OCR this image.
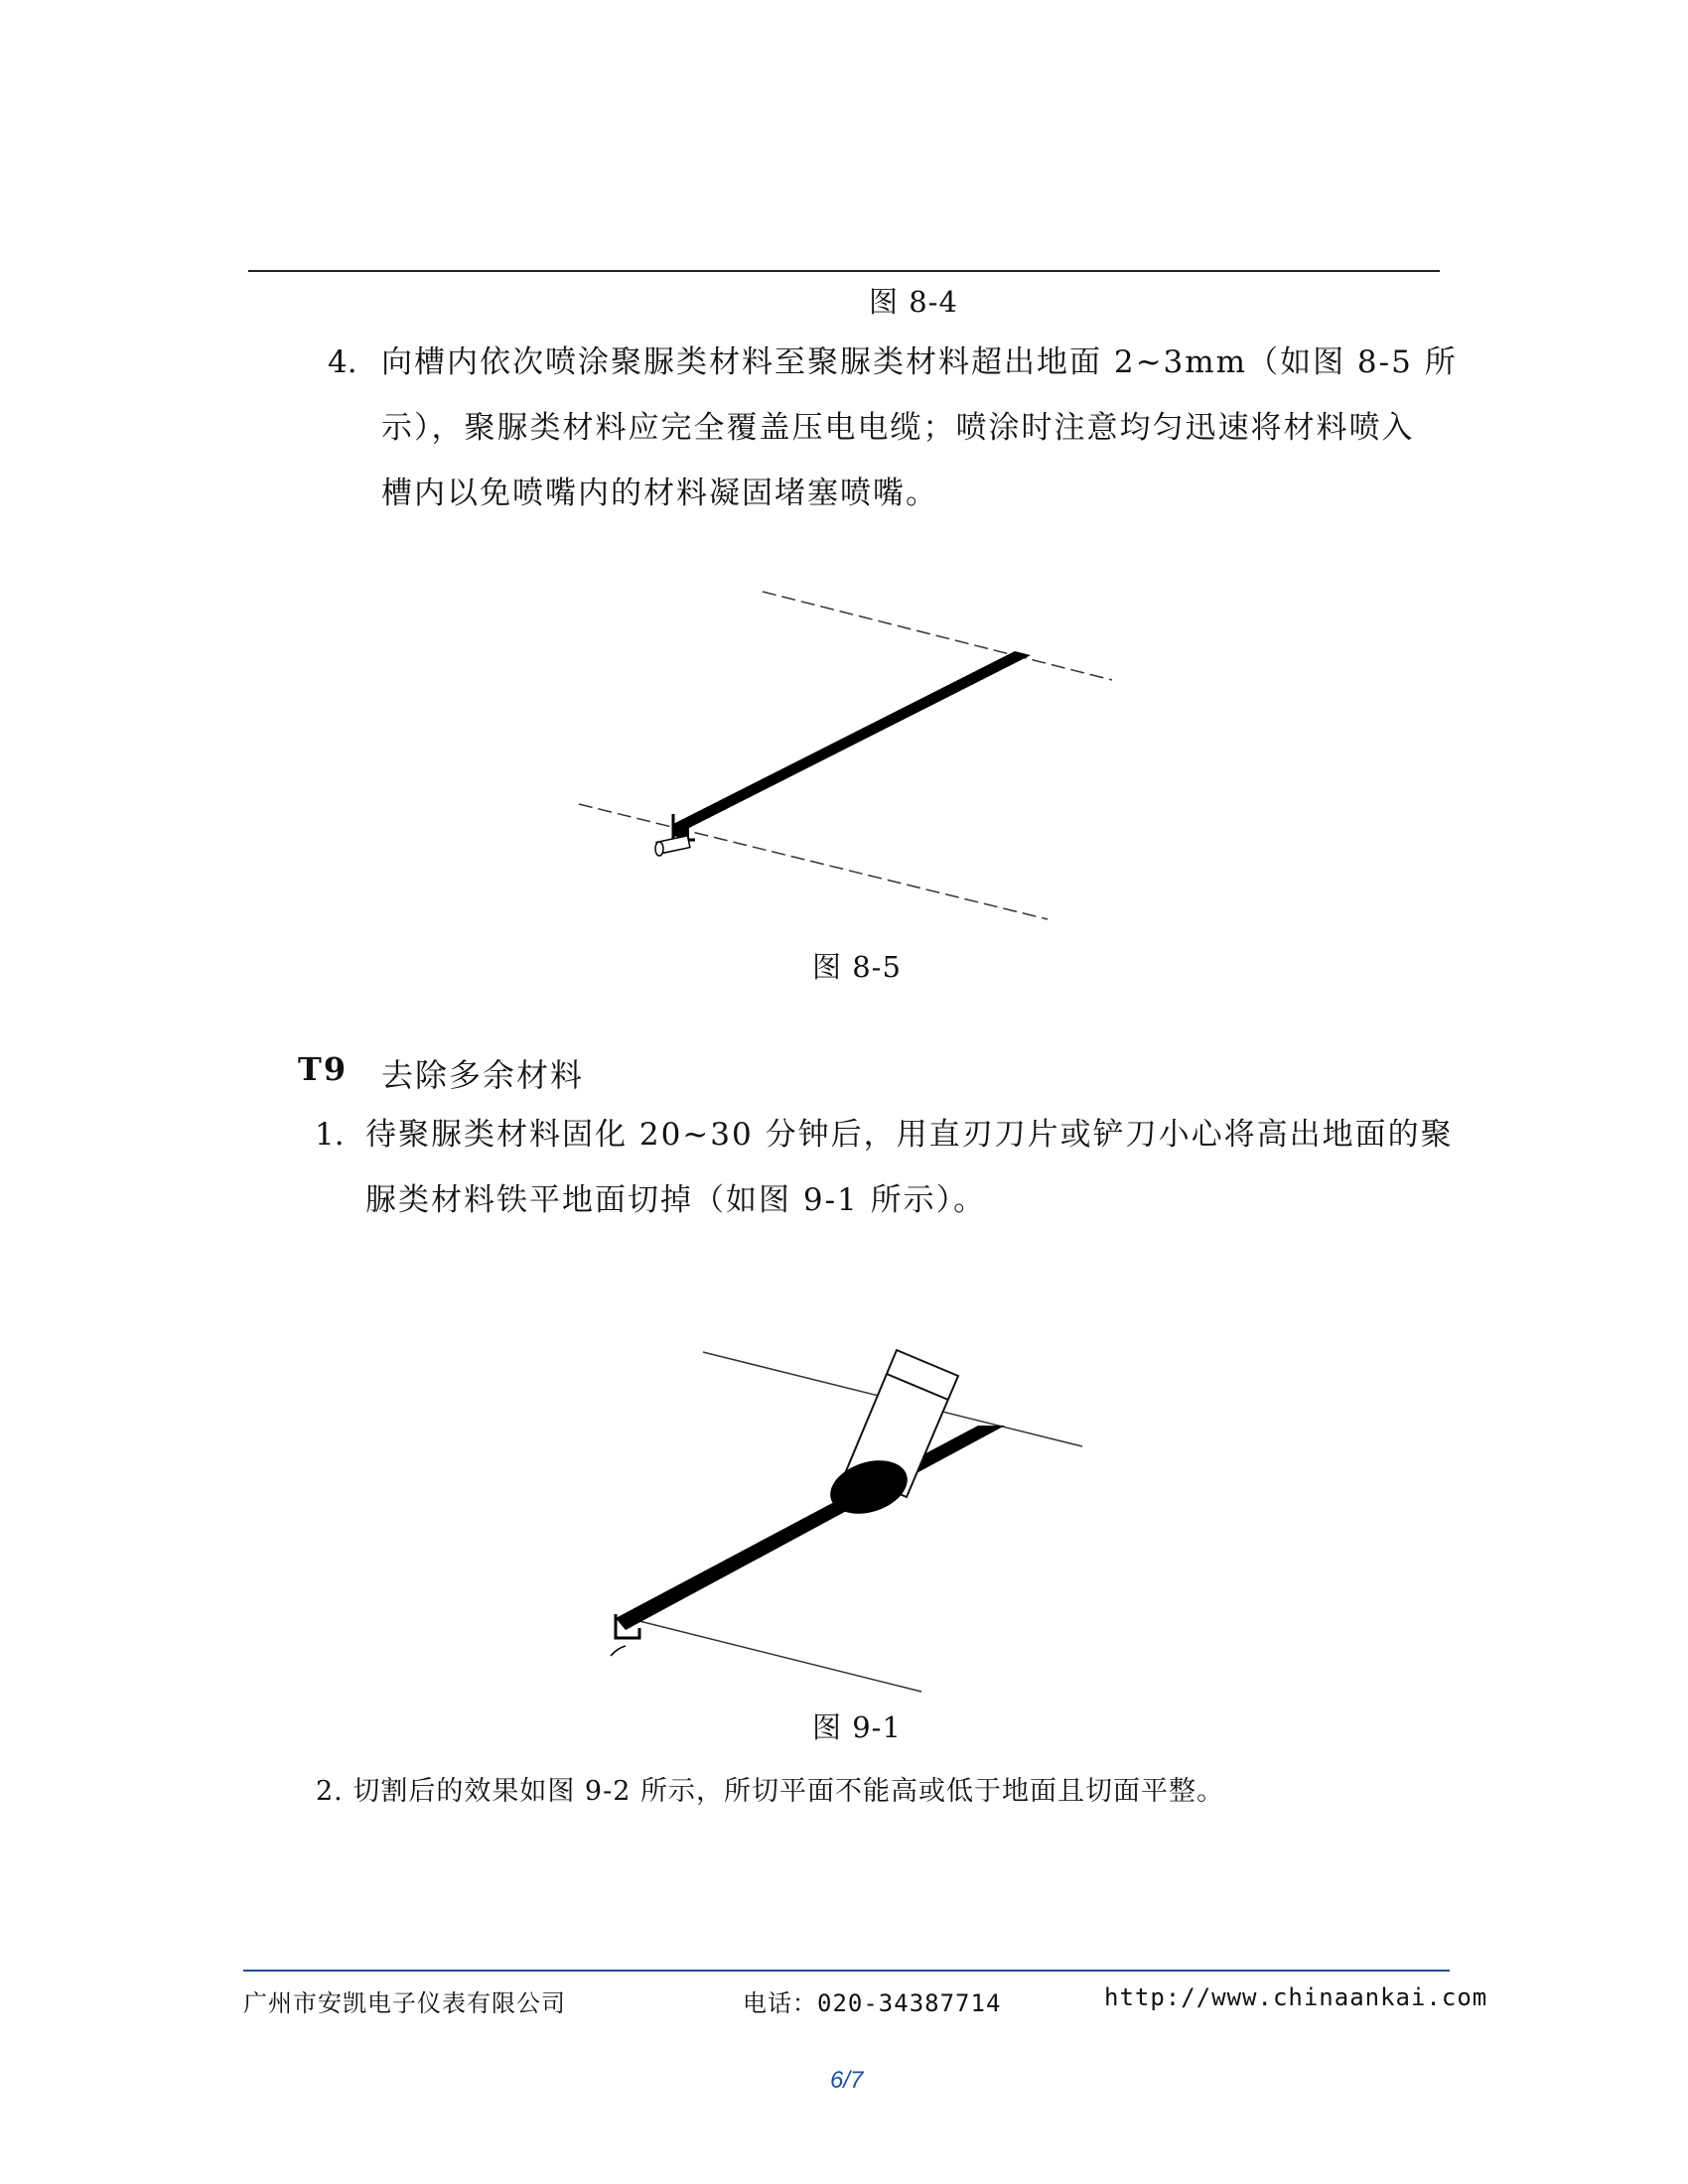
图 8-4
4. 向槽内依次喷涂聚脲类材料至聚脲类材料超出地面 2~3mm（如图 8-5 所
示），聚脲类材料应完全覆盖压电电缆；喷涂时注意均匀迅速将材料喷入
槽内以免喷嘴内的材料凝固堵塞喷嘴。
图 8-5
T9 去除多余材料
1. 待聚脲类材料固化 20~30 分钟后，用直刃刀片或铲刀小心将高出地面的聚
脲类材料铁平地面切掉（如图 9-1 所示）。
图 9-1
2. 切割后的效果如图 9-2 所示，所切平面不能高或低于地面且切面平整。
广州市安凯电子仪表有限公司	电话：020-34387714	http://www.chinaankai.com
6/7
